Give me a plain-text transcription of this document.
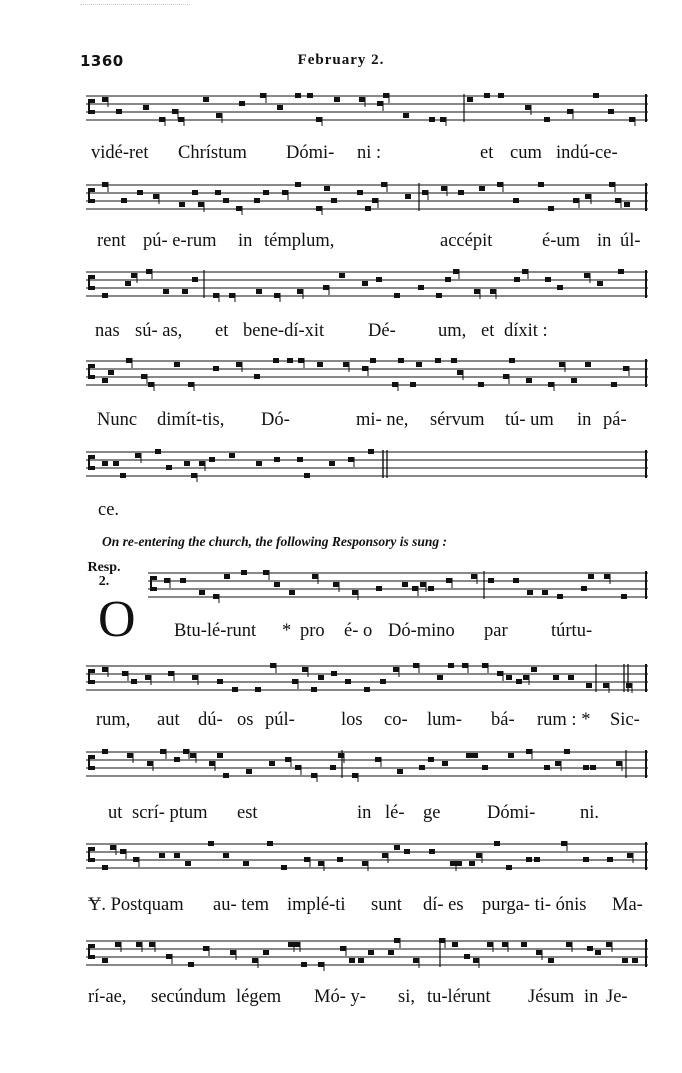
1360	February 2.
vidé-ret Chrístum Dómi- ni :	et cum indú-ce-
rent pú- e-rum in témplum,	accépit	é-um in úl-
nas sú- as, et bene-dí-xit Dé- um, et díxit :
Nunc dimít-tis, Dó-	mi- ne, sérvum tú- um in pá-
ce.
On re-entering the church, the following Responsory is sung :
Resp.
2.
O Btu-lé-runt * pro é- o Dó-mino par túrtu-
rum, aut dú- os púl- los co- lum- bá- rum : * Sic-
ut scrí- ptum est	in lé- ge	Dómi- ni.
Ɏ. Postquam au- tem implé-ti sunt dí- es purga- ti- ónis Ma-
rí-ae, secúndum légem Mó- y- si, tu-lérunt Jésum in Je-
